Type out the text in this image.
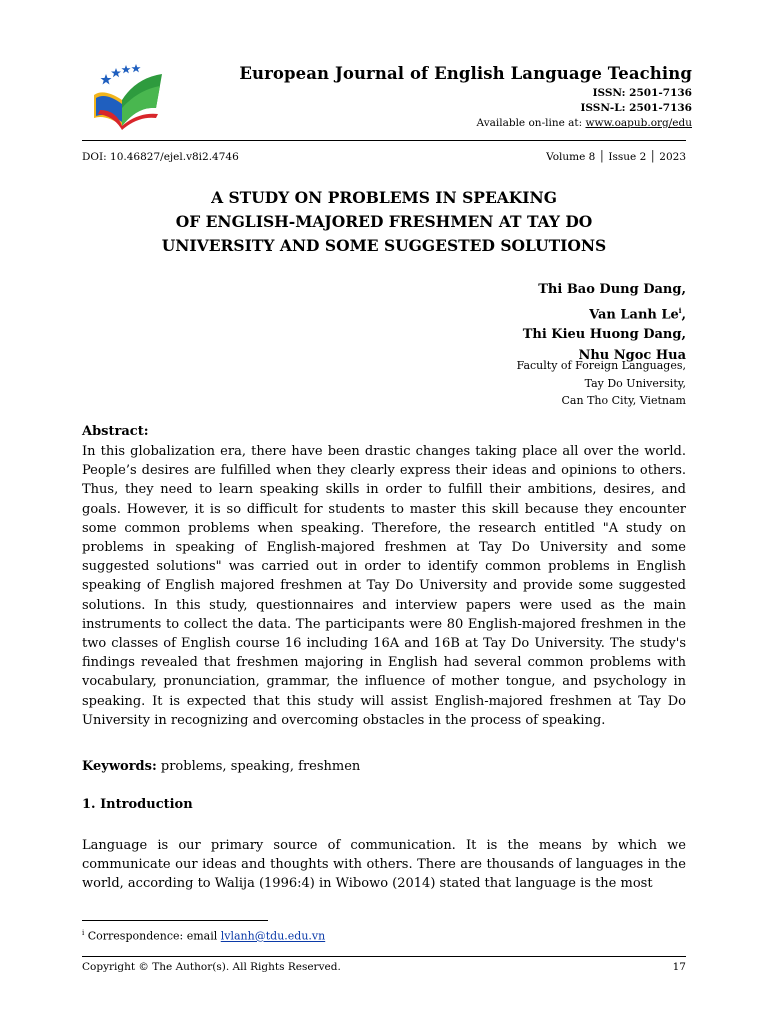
European Journal of English Language Teaching
ISSN: 2501-7136
ISSN-L: 2501-7136
Available on-line at: www.oapub.org/edu
DOI: 10.46827/ejel.v8i2.4746	Volume 8 │ Issue 2 │ 2023
A STUDY ON PROBLEMS IN SPEAKING
OF ENGLISH-MAJORED FRESHMEN AT TAY DO
UNIVERSITY AND SOME SUGGESTED SOLUTIONS
Thi Bao Dung Dang,
Van Lanh Le$^i$,
Thi Kieu Huong Dang,
Nhu Ngoc Hua
Faculty of Foreign Languages,
Tay Do University,
Can Tho City, Vietnam
Abstract:
In this globalization era, there have been drastic changes taking place all over the world. People’s desires are fulfilled when they clearly express their ideas and opinions to others. Thus, they need to learn speaking skills in order to fulfill their ambitions, desires, and goals. However, it is so difficult for students to master this skill because they encounter some common problems when speaking. Therefore, the research entitled "A study on problems in speaking of English-majored freshmen at Tay Do University and some suggested solutions" was carried out in order to identify common problems in English speaking of English majored freshmen at Tay Do University and provide some suggested solutions. In this study, questionnaires and interview papers were used as the main instruments to collect the data. The participants were 80 English-majored freshmen in the two classes of English course 16 including 16A and 16B at Tay Do University. The study's findings revealed that freshmen majoring in English had several common problems with vocabulary, pronunciation, grammar, the influence of mother tongue, and psychology in speaking. It is expected that this study will assist English-majored freshmen at Tay Do University in recognizing and overcoming obstacles in the process of speaking.
Keywords: problems, speaking, freshmen
1. Introduction
Language is our primary source of communication. It is the means by which we communicate our ideas and thoughts with others. There are thousands of languages in the world, according to Walija (1996:4) in Wibowo (2014) stated that language is the most
$^i$ Correspondence: email lvlanh@tdu.edu.vn
Copyright © The Author(s). All Rights Reserved.	17
